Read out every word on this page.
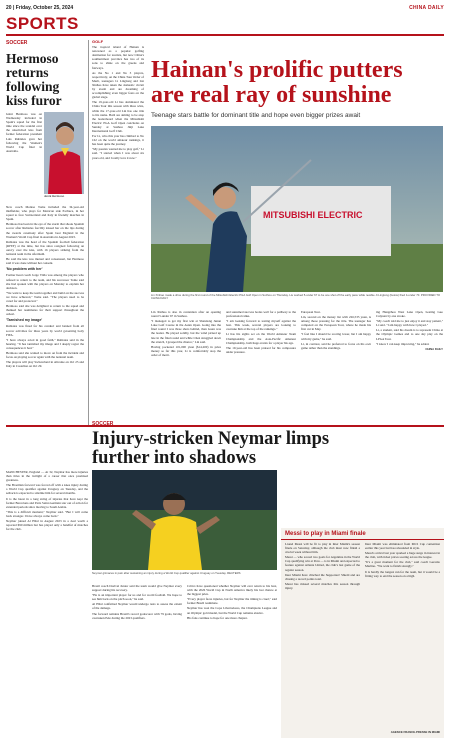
20 | Friday, October 25, 2024	CHINA DAILY
SPORTS
SOCCER
Hermoso returns following kiss furor
Jenni Hermoso

Jenni Hermoso was on Wednesday included in Spain's squad for the first time since the scandal over the unsolicited kiss from former federation president Luis Rubiales gave her following the Women's World Cup final in Australia.

New coach Montse Tome included the 34-year-old midfielder, who plays for Mexican side Pachuca, in her squad to face Switzerland and Italy in friendly matches in Spain.

Hermoso has been in the eye of the storm that shook Spanish soccer after Rubiales forcibly kissed her on the lips during the awards ceremony after Spain beat England in the Women's World Cup final in Australia in August 2023.

Rubiales was the head of the Spanish football federation (RFEF) at the time, but has since resigned following an outcry over the kiss, with 16 players striking from the national team in the aftermath.

He said the kiss was mutual and consensual, but Hermoso said it was done without her consent.

'No problem with her'

Former head coach Jorge Vilda was among the players who refused to return to the team, and his successor Tome said she had spoken with the players on Monday to explain her decision.

"We want to keep the team together and build on the success we have achieved," Tome said. "The players need to be cared for and protected."

Hermoso said she was delighted to return to the squad and thanked her teammates for their support throughout the ordeal.

'Tarnished my image'

Rubiales was fined for his conduct and banned from all soccer activities for three years by world governing body FIFA.

"I have always acted in good faith," Rubiales said in the hearing. "It has tarnished my image and I deeply regret the consequences it had."

Hermoso said she wanted to move on from the incident and focus on playing soccer again with the national team.

The players will play Switzerland in Alicante on Oct 25 and Italy in Castellon on Oct 29.

GOLF

The tropical island of Hainan is renowned as a popular golfing destination for tourists, but now China's southernmost province has two of its sons to shine on the greens and fairways.

As the No 1 and No 3 players, respectively, on the China Tour Order of Merit, teenagers Li Linglong and Lin Xinhao have taken the domestic circuit by storm and are dreaming of accomplishing even bigger feats on the global stage.

The 19-year-old Li has dominated the China Tour this season with three wins, while the 17-year-old Lin has one title to his name. Both are aiming to be atop the leaderboard when the Mitsubishi Electric PGA Golf Open concludes on Sunday at Suzhou Jinji Lake International Golf Club.

For Li, who this year has climbed to No 162 on the world amateur rankings, it has been quite the journey.

"My parents wanted me to play golf," Li said. "I started when I was about six years old, and I really love it now."

Hainan's prolific putters are real ray of sunshine
Teenage stars battle for dominant title and hope even bigger prizes await
MITSUBISHI ELECTRIC
Lin Xinhao made a drive during the first round of the Mitsubishi Electric PGA Golf Open in Suzhou on Thursday. Liu worked 5-under 67 to be one shot off the early pace while newbie Ji Linglong (below) fired 4-under 70. PROVIDED TO CHINA DAILY

Lin Xinhao is also in contention after an opening round 5-under 67 in Suzhou.

"I managed to get my first win at Shandong Junan Lake Golf Course in the Asian Open. Going into the final round I was three shots behind, then Guan was the leader. He played solidly, but the wind picked up late in the final round and while Chen struggled down the stretch, I grasped the chance," Lin said.

Having pocketed 101,000 yuan ($14,200) in prize money so far this year, Li is comfortably atop the order of merit.

and sustained success bodes well for a pathway to the professional ranks.

"I am looking forward to testing myself against the best. This week, several players are looking to overtake him at the top of the rankings."

Li has his sights set on the World Amateur Team Championship and the Asia-Pacific Amateur Championship, both huge events for a player his age.

The 19-year-old has been praised for his composure under pressure.

European Tour.

Lin, second on the money list with 226,535 yuan, is among those pressing for the title. The teenager has competed on the European Tour, where he made his first cut in May.

"I feel like I should be scoring lower, but I am happy with my game," he said.

Li, in contrast, said he preferred to focus on his own game rather than the standings.

ing Hangzhou West Lake Open, beating Guo Cuiyuan by one stroke.

"My coach told me to just enjoy it and stay patient," Li said. "I am happy with how I played."

Li, a student, said his dream is to represent China at the Olympic Games and to one day play on the LPGA Tour.

"I know I can keep improving," he added.

CHINA DAILY

SOCCER
Injury-stricken Neymar limps further into shadows
Neymar grimaces in pain after sustaining an injury during a World Cup qualifier against Uruguay on Tuesday. REUTERS

MANCHESTER, England — At 32, Neymar has more injuries than titles in the twilight of a career that once promised greatness.

The Brazilian forward was forced off with a knee injury during a World Cup qualifier against Uruguay on Tuesday, and the setback is expected to sideline him for several months.

It is the latest in a long string of injuries that have kept the former Barcelona and Paris Saint-Germain star out of action for extended periods since moving to Saudi Arabia.

"This is a difficult moment," Neymar said. "But I will come back stronger. I have always come back."

Neymar joined Al Hilal in August 2023 in a deal worth a reported $90 million but has played only a handful of matches for the club.

Brazil coach Dorival Junior said the team would give Neymar every support during his recovery.

"He is an important player for us and for world football. We hope to see him back on the pitch soon," he said.

Al Hilal confirmed Neymar would undergo tests to assess the extent of the damage.

The forward remains Brazil's record goalscorer with 79 goals, having overtaken Pele during the 2023 qualifiers.

Critics have questioned whether Neymar will ever return to his best, with the 2026 World Cup in North America likely his last chance at the biggest prize.

"Every player faces injuries, but for Neymar the timing is cruel," said former Brazil teammate.

Neymar has won the Copa Libertadores, the Champions League and an Olympic gold medal, but the World Cup remains elusive.

His fans continue to hope for one more chapter.

Messi to play in Miami finale

Lionel Messi will be fit to play in Inter Miami's season finale on Saturday, although the club must now finish a crucial week without him.

Messi — who scored two goals for Argentina in the World Cup qualifying win at Peru — is in Miami and expected to feature against Atlanta United, the club's last game of the regular season.

Inter Miami have clinched the Supporters' Shield and are chasing a record points total.

Messi has missed several matches this season through injury.

Inter Miami was eliminated from MLS Cup contention earlier this year but has rebounded in style.

Messi's arrival last year sparked a huge surge in interest in the club, with ticket prices soaring across the league.

"It's a great moment for the club," said coach Gerardo Martino. "We want to finish strongly."

It is hardly the longest run for the team, but it would be a fitting way to end the season on a high.

AGENCE FRANCE-PRESSE IN MIAMI
